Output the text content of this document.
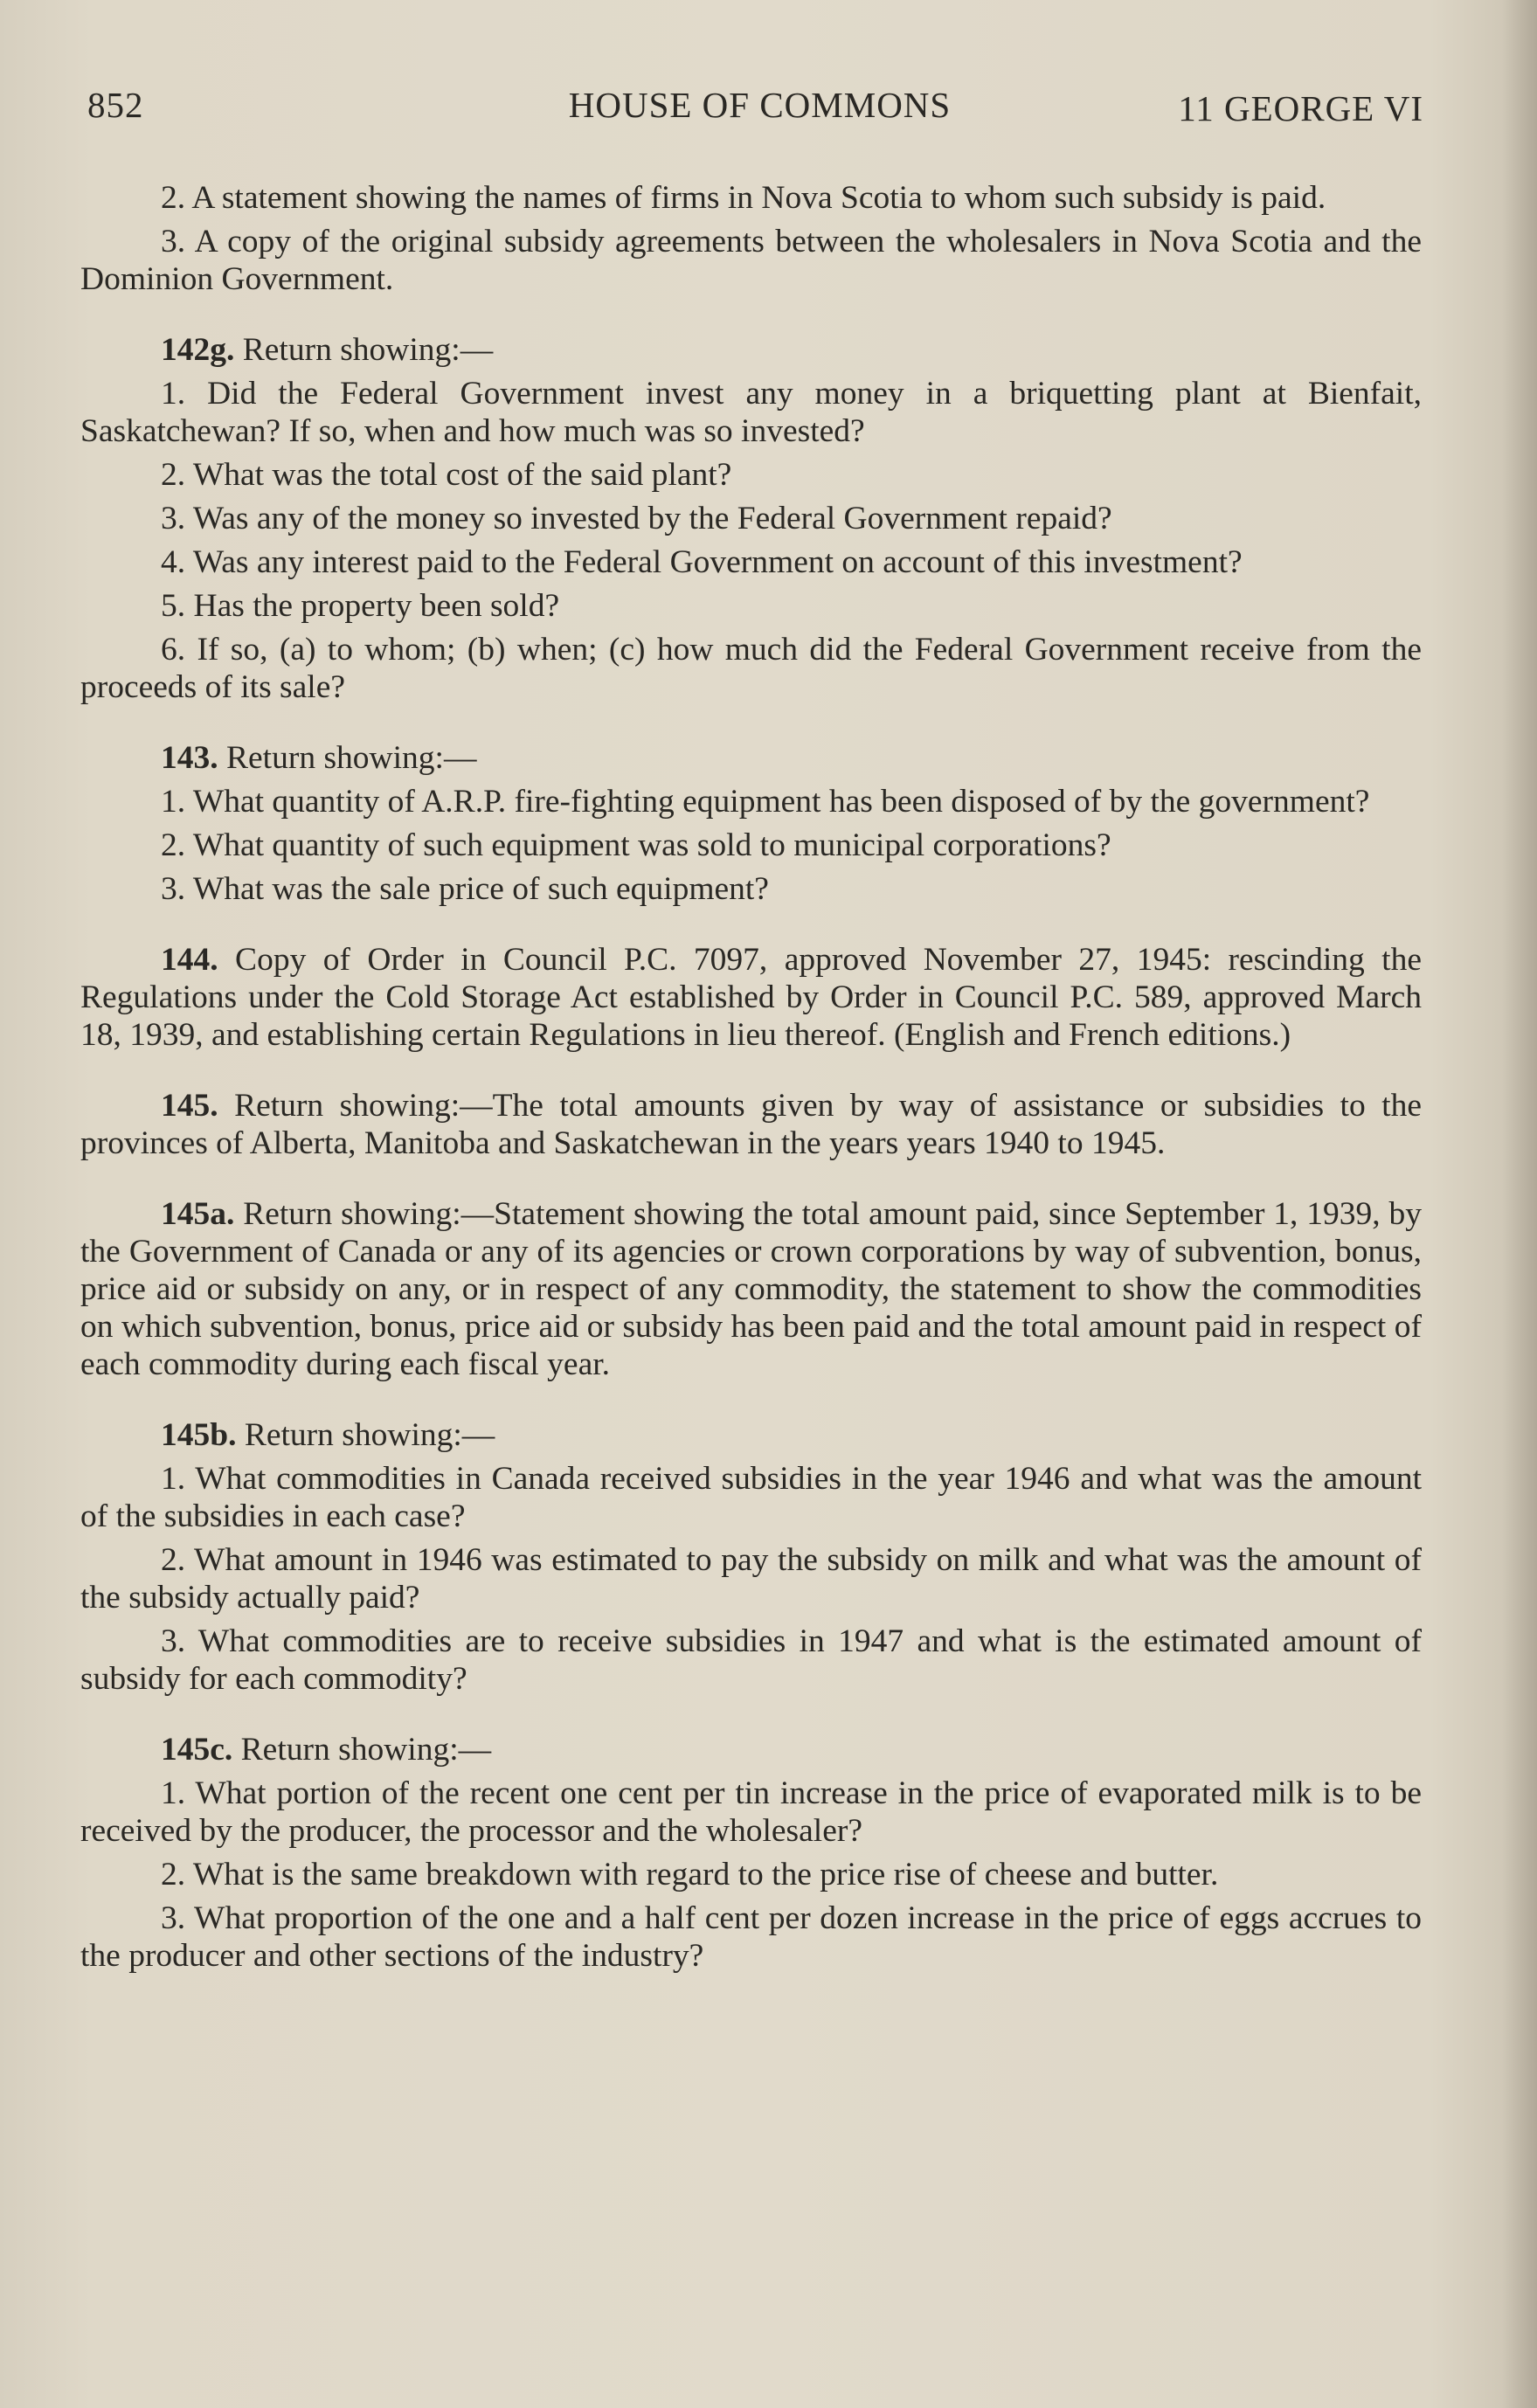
852	HOUSE OF COMMONS	11 GEORGE VI

2. A statement showing the names of firms in Nova Scotia to whom such subsidy is paid.

3. A copy of the original subsidy agreements between the wholesalers in Nova Scotia and the Dominion Government.

142g. Return showing:—

1. Did the Federal Government invest any money in a briquetting plant at Bienfait, Saskatchewan? If so, when and how much was so invested?

2. What was the total cost of the said plant?

3. Was any of the money so invested by the Federal Government repaid?

4. Was any interest paid to the Federal Government on account of this investment?

5. Has the property been sold?

6. If so, (a) to whom; (b) when; (c) how much did the Federal Government receive from the proceeds of its sale?

143. Return showing:—

1. What quantity of A.R.P. fire-fighting equipment has been disposed of by the government?

2. What quantity of such equipment was sold to municipal corporations?

3. What was the sale price of such equipment?

144. Copy of Order in Council P.C. 7097, approved November 27, 1945: rescinding the Regulations under the Cold Storage Act established by Order in Council P.C. 589, approved March 18, 1939, and establishing certain Regulations in lieu thereof. (English and French editions.)

145. Return showing:—The total amounts given by way of assistance or subsidies to the provinces of Alberta, Manitoba and Saskatchewan in the years years 1940 to 1945.

145a. Return showing:—Statement showing the total amount paid, since September 1, 1939, by the Government of Canada or any of its agencies or crown corporations by way of subvention, bonus, price aid or subsidy on any, or in respect of any commodity, the statement to show the commodities on which subvention, bonus, price aid or subsidy has been paid and the total amount paid in respect of each commodity during each fiscal year.

145b. Return showing:—

1. What commodities in Canada received subsidies in the year 1946 and what was the amount of the subsidies in each case?

2. What amount in 1946 was estimated to pay the subsidy on milk and what was the amount of the subsidy actually paid?

3. What commodities are to receive subsidies in 1947 and what is the estimated amount of subsidy for each commodity?

145c. Return showing:—

1. What portion of the recent one cent per tin increase in the price of evaporated milk is to be received by the producer, the processor and the wholesaler?

2. What is the same breakdown with regard to the price rise of cheese and butter.

3. What proportion of the one and a half cent per dozen increase in the price of eggs accrues to the producer and other sections of the industry?
